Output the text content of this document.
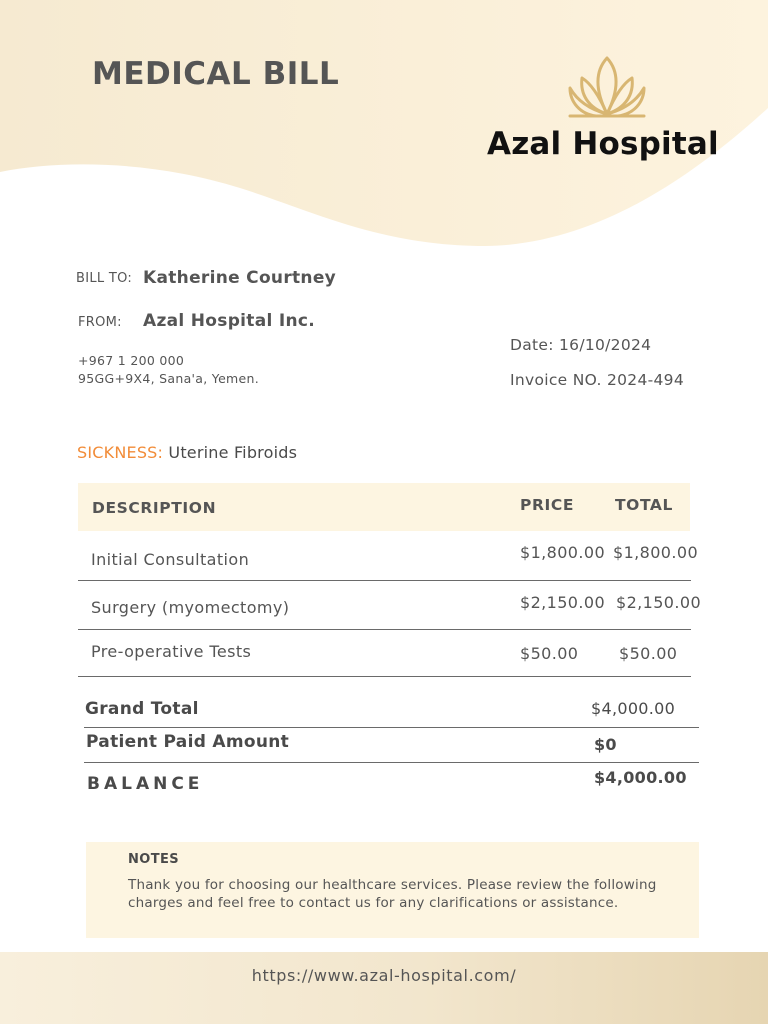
MEDICAL BILL
Azal Hospital
BILL TO: Katherine Courtney
FROM: Azal Hospital Inc.
+967 1 200 000
95GG+9X4, Sana'a, Yemen.
Date: 16/10/2024
Invoice NO. 2024-494
SICKNESS: Uterine Fibroids
DESCRIPTION	PRICE	TOTAL
Initial Consultation	$1,800.00 $1,800.00
Surgery (myomectomy)	$2,150.00 $2,150.00
Pre-operative Tests	$50.00	$50.00
Grand Total	$4,000.00
Patient Paid Amount	$0
BALANCE	$4,000.00
NOTES
Thank you for choosing our healthcare services. Please review the following
charges and feel free to contact us for any clarifications or assistance.
https://www.azal-hospital.com/
